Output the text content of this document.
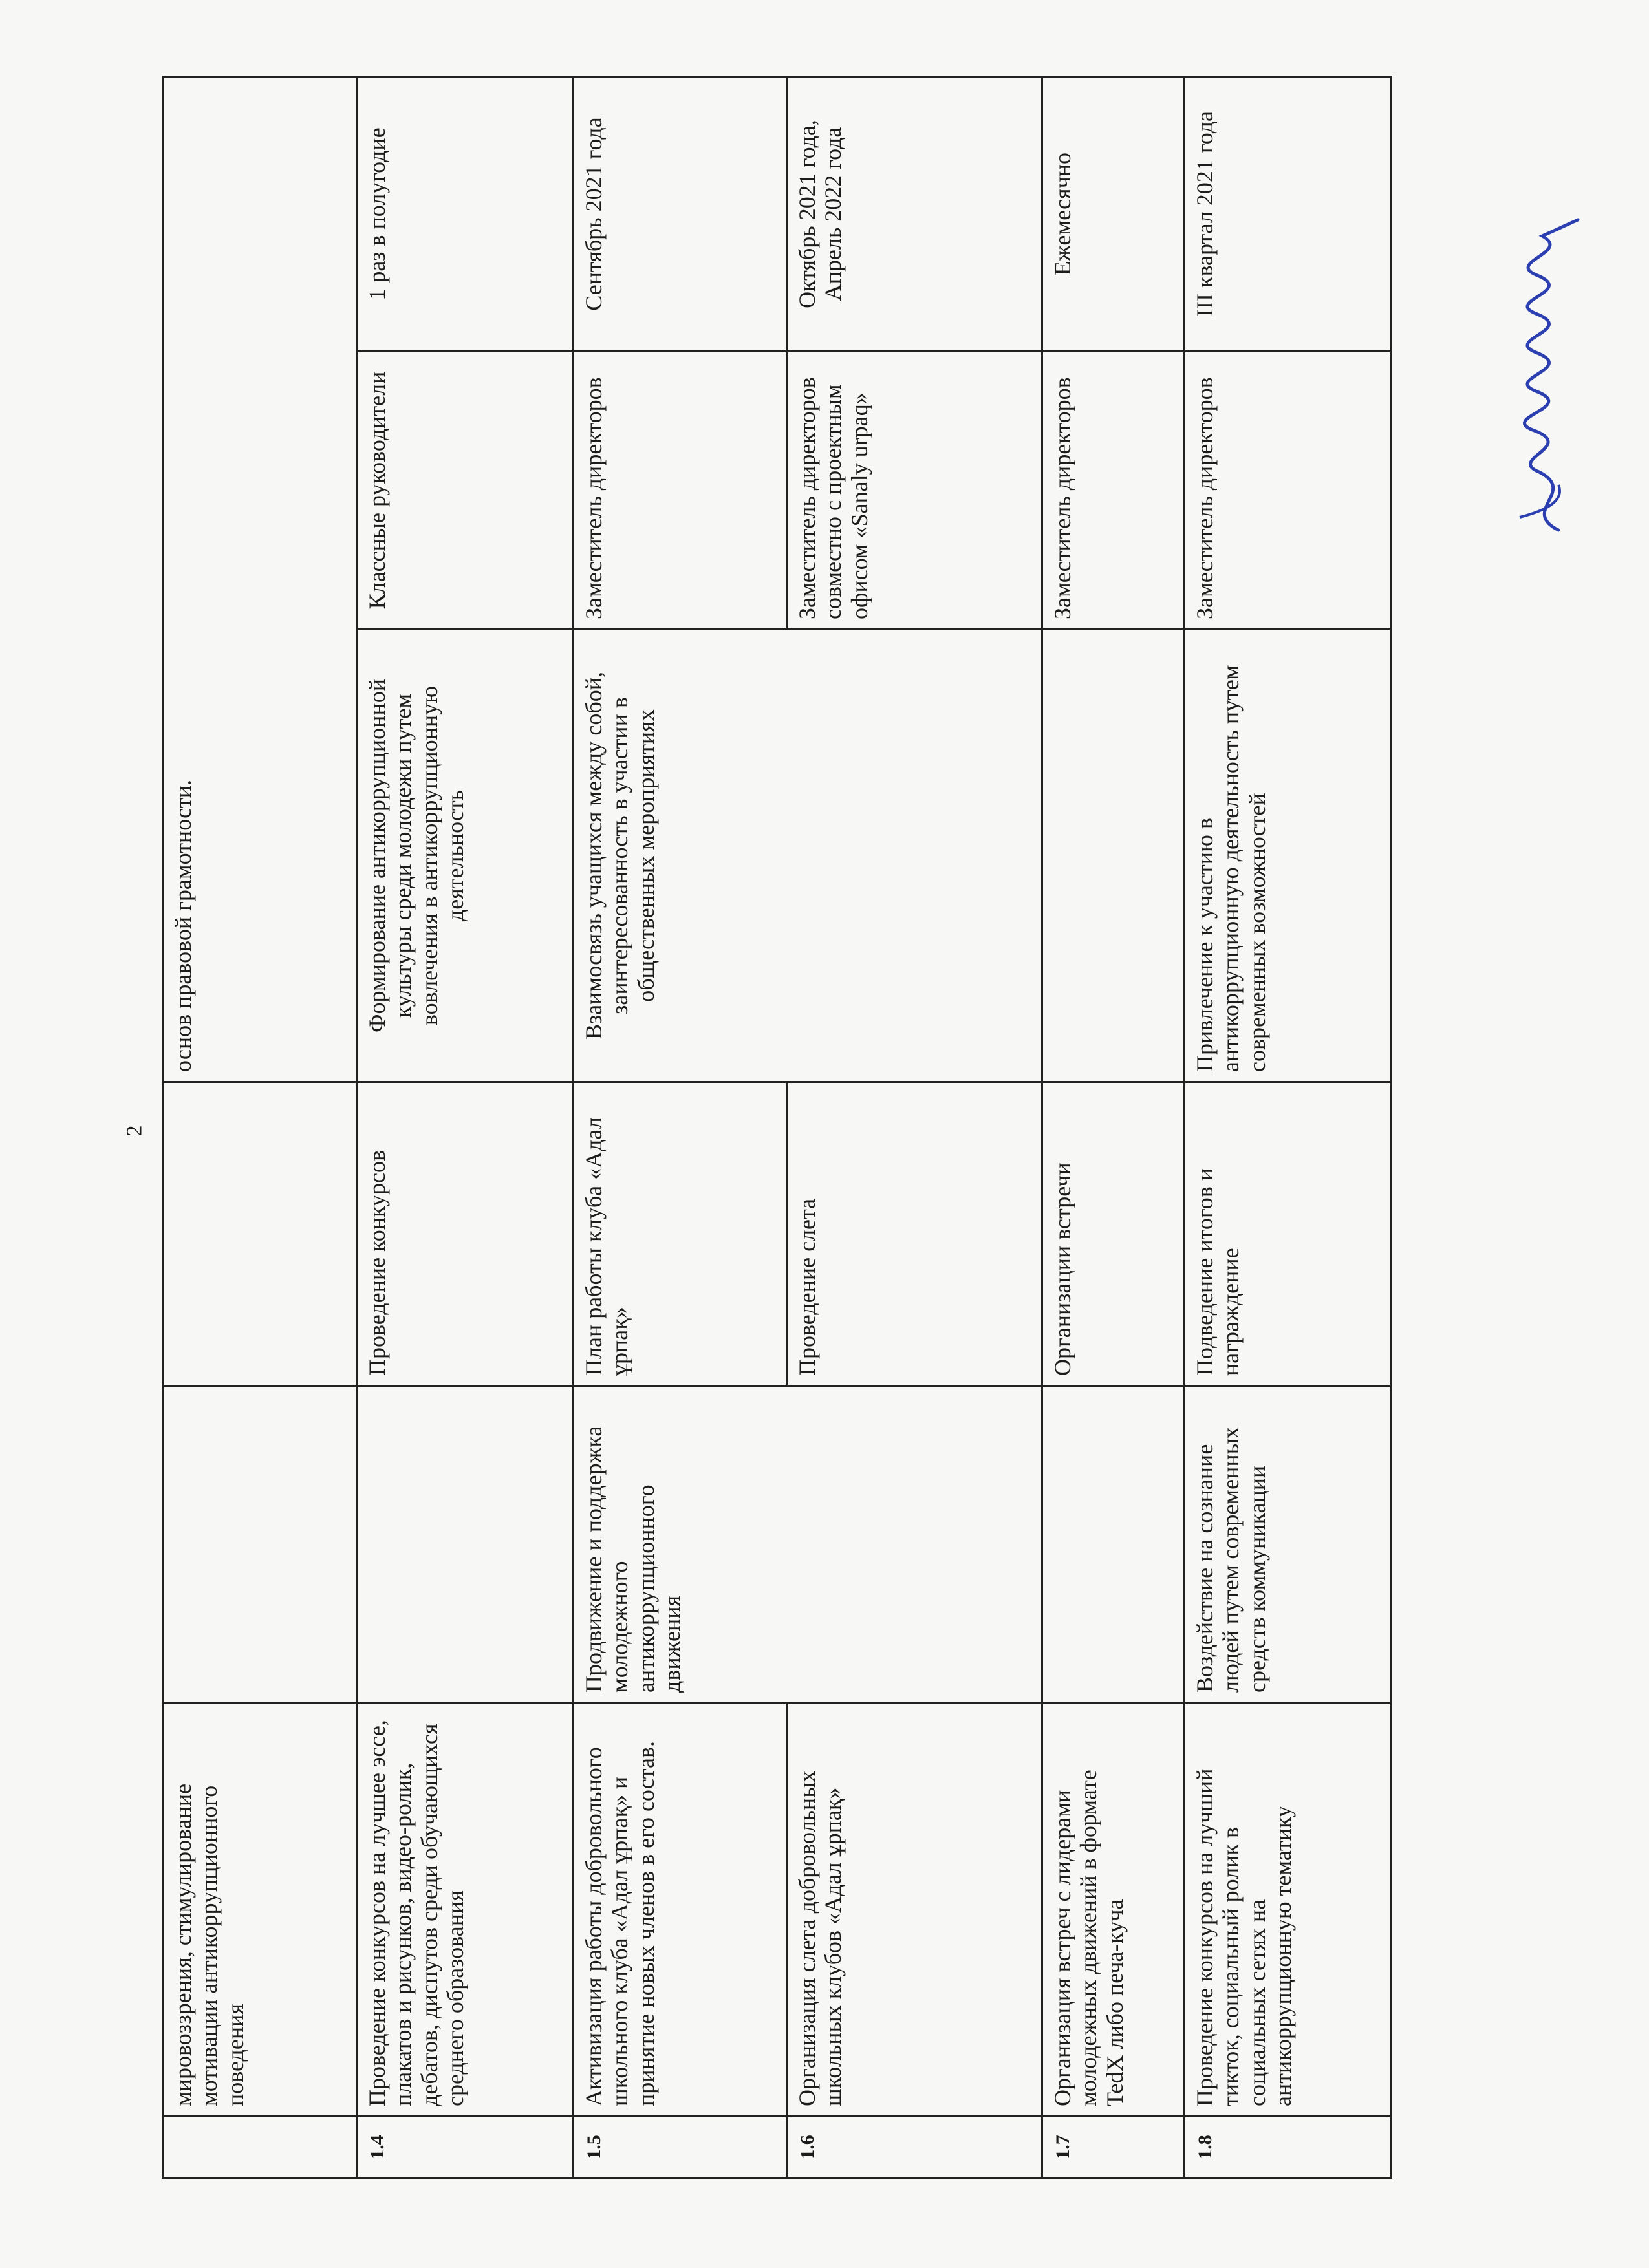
2
	мировоззрения, стимулирование мотивации антикоррупционного поведения			основ правовой грамотности.		
1.4	Проведение конкурсов на лучшее эссе, плакатов и рисунков, видео-ролик, дебатов, диспутов среди обучающихся среднего образования		Проведение конкурсов	Формирование антикоррупционной культуры среди молодежи путем вовлечения в антикоррупционную деятельность	Классные руководители	1 раз в полугодие
1.5	Активизация работы добровольного школьного клуба «Адал ұрпақ» и принятие новых членов в его состав.	Продвижение и поддержка молодежного антикоррупционного движения	План работы клуба «Адал ұрпақ»	Взаимосвязь учащихся между собой, заинтересованность в участии в общественных мероприятиях	Заместитель директоров	Сентябрь 2021 года

1.6	Организация слета добровольных школьных клубов «Адал ұрпақ»		Проведение слета		Заместитель директоров совместно с проектным офисом «Sanaly urpaq»	Октябрь 2021 года, Апрель 2022 года

1.7	Организация встреч с лидерами молодежных движений в формате TedX либо печа-куча		Организации встречи		Заместитель директоров	Ежемесячно
1.8	Проведение конкурсов на лучший тикток, социальный ролик в социальных сетях на антикоррупционную тематику	Воздействие на сознание людей путем современных средств коммуникации	Подведение итогов и награждение	Привлечение к участию в антикоррупционную деятельность путем современных возможностей	Заместитель директоров	III квартал 2021 года
